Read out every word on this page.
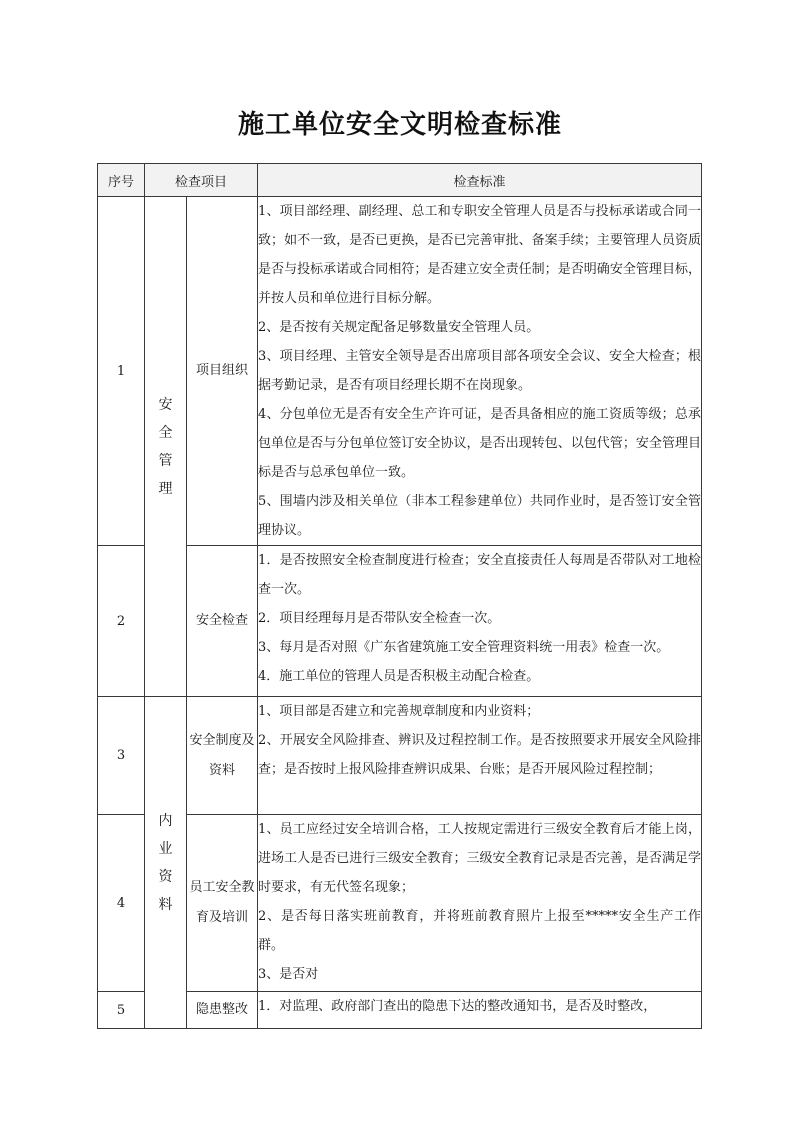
施工单位安全文明检查标准
序号	检查项目		检查标准
1	安全管理	项目组织	1、项目部经理、副经理、总工和专职安全管理人员是否与投标承诺或合同一致；如不一致，是否已更换，是否已完善审批、备案手续；主要管理人员资质是否与投标承诺或合同相符；是否建立安全责任制；是否明确安全管理目标，并按人员和单位进行目标分解。

2、是否按有关规定配备足够数量安全管理人员。

3、项目经理、主管安全领导是否出席项目部各项安全会议、安全大检查；根据考勤记录，是否有项目经理长期不在岗现象。

4、分包单位无是否有安全生产许可证，是否具备相应的施工资质等级；总承包单位是否与分包单位签订安全协议，是否出现转包、以包代管；安全管理目标是否与总承包单位一致。

5、围墙内涉及相关单位（非本工程参建单位）共同作业时，是否签订安全管理协议。

2		安全检查	1．是否按照安全检查制度进行检查；安全直接责任人每周是否带队对工地检查一次。

2．项目经理每月是否带队安全检查一次。

3、每月是否对照《广东省建筑施工安全管理资料统一用表》检查一次。

4．施工单位的管理人员是否积极主动配合检查。

3	内业资料	安全制度及资料	1、项目部是否建立和完善规章制度和内业资料；

2、开展安全风险排查、辨识及过程控制工作。是否按照要求开展安全风险排查；是否按时上报风险排查辨识成果、台账；是否开展风险过程控制；

4		员工安全教育及培训	1、员工应经过安全培训合格，工人按规定需进行三级安全教育后才能上岗，进场工人是否已进行三级安全教育；三级安全教育记录是否完善，是否满足学时要求，有无代签名现象；

2、是否每日落实班前教育，并将班前教育照片上报至*****安全生产工作群。

3、是否对

5		隐患整改	1．对监理、政府部门查出的隐患下达的整改通知书，是否及时整改，
